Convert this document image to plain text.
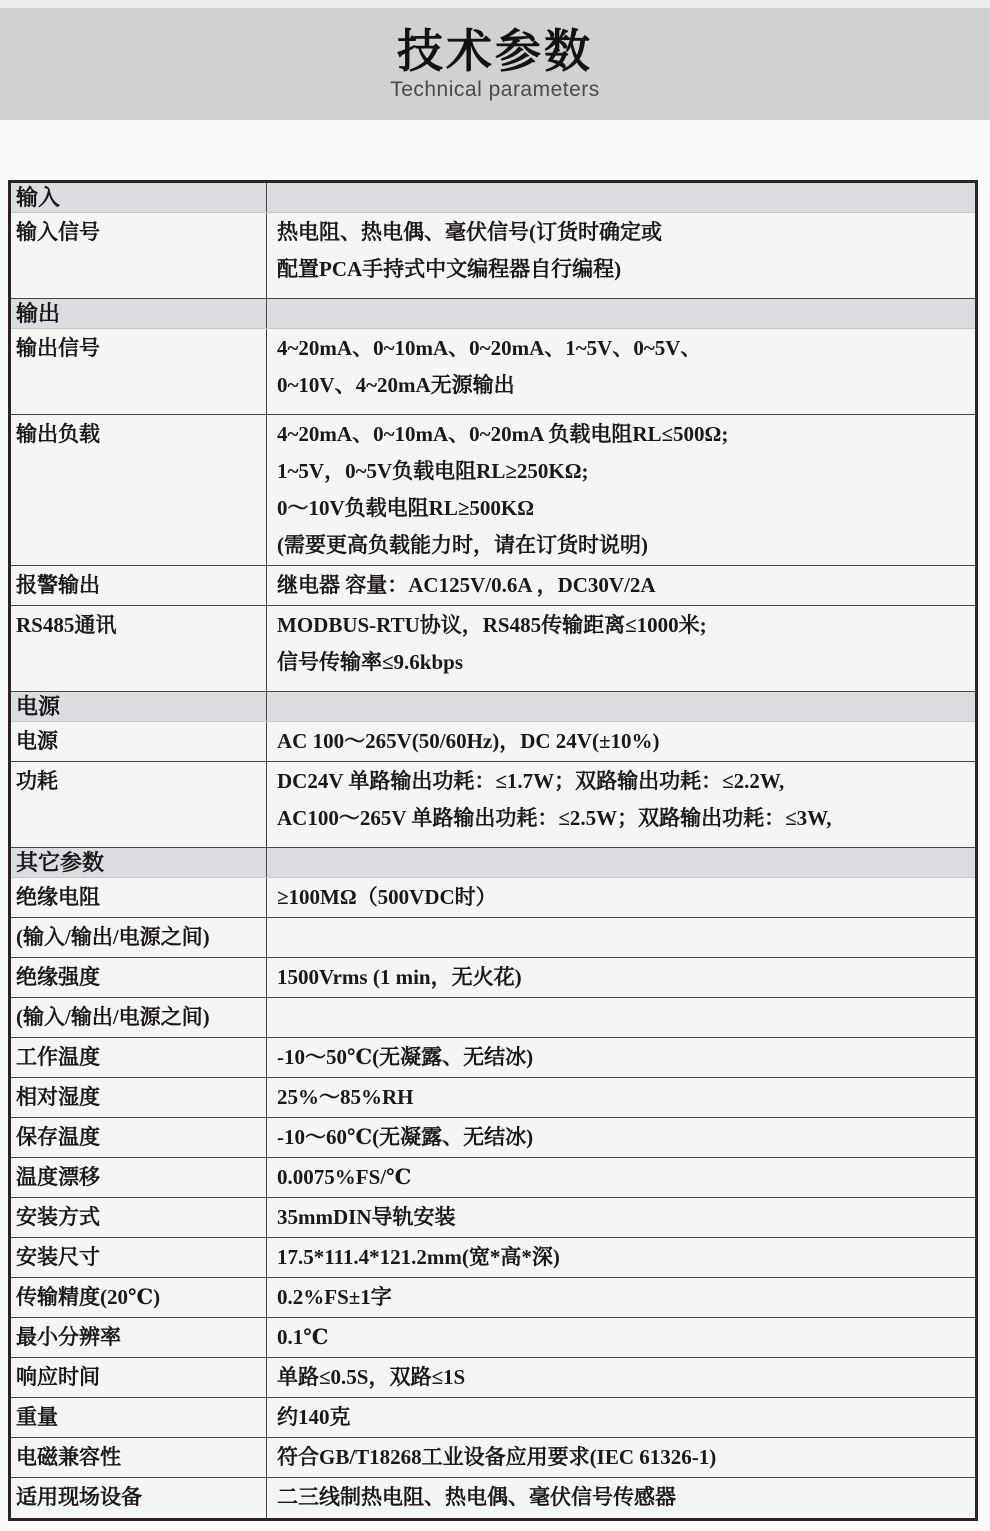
技术参数
Technical parameters
输入
输入信号	热电阻、热电偶、毫伏信号(订货时确定或
配置PCA手持式中文编程器自行编程)
输出
输出信号	4~20mA、0~10mA、0~20mA、1~5V、0~5V、
0~10V、4~20mA无源输出
输出负载	4~20mA、0~10mA、0~20mA 负载电阻RL≤500Ω;
1~5V，0~5V负载电阻RL≥250KΩ;
0～10V负载电阻RL≥500KΩ
(需要更高负载能力时，请在订货时说明)
报警输出	继电器 容量：AC125V/0.6A ，DC30V/2A
RS485通讯	MODBUS-RTU协议，RS485传输距离≤1000米;
信号传输率≤9.6kbps
电源
电源	AC 100～265V(50/60Hz)，DC 24V(±10%)
功耗	DC24V 单路输出功耗：≤1.7W；双路输出功耗：≤2.2W,
AC100～265V 单路输出功耗：≤2.5W；双路输出功耗：≤3W,
其它参数
绝缘电阻	≥100MΩ（500VDC时）
(输入/输出/电源之间)
绝缘强度	1500Vrms (1 min，无火花)
(输入/输出/电源之间)
工作温度	-10～50℃(无凝露、无结冰)
相对湿度	25%～85%RH
保存温度	-10～60℃(无凝露、无结冰)
温度漂移	0.0075%FS/℃
安装方式	35mmDIN导轨安装
安装尺寸	17.5*111.4*121.2mm(宽*高*深)
传输精度(20℃)	0.2%FS±1字
最小分辨率	0.1℃
响应时间	单路≤0.5S，双路≤1S
重量	约140克
电磁兼容性	符合GB/T18268工业设备应用要求(IEC 61326-1)
适用现场设备	二三线制热电阻、热电偶、毫伏信号传感器
